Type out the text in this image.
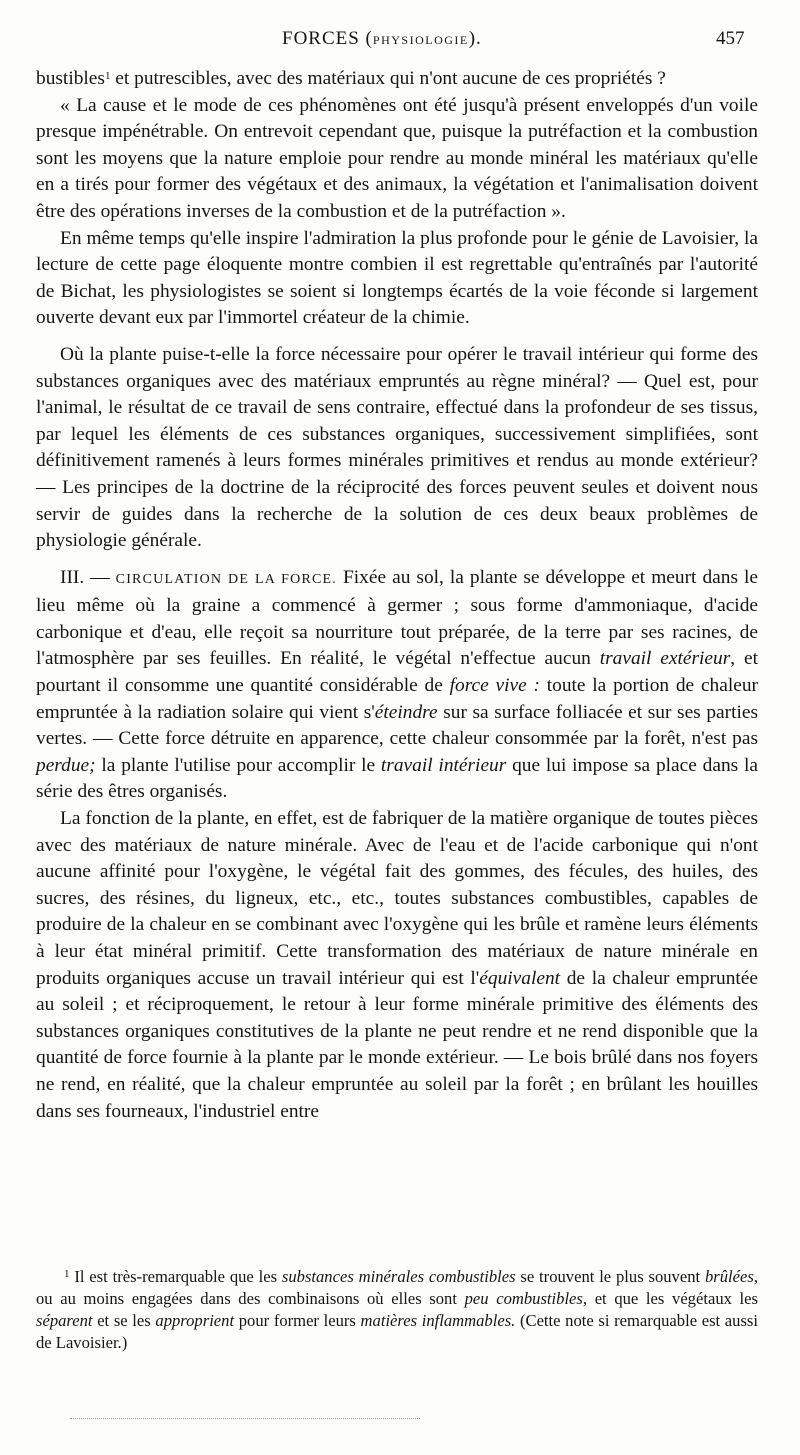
FORCES (PHYSIOLOGIE).	457

bustibles$^1$ et putrescibles, avec des matériaux qui n'ont aucune de ces propriétés ?

« La cause et le mode de ces phénomènes ont été jusqu'à présent enveloppés d'un voile presque impénétrable. On entrevoit cependant que, puisque la putréfaction et la combustion sont les moyens que la nature emploie pour rendre au monde minéral les matériaux qu'elle en a tirés pour former des végétaux et des animaux, la végétation et l'animalisation doivent être des opérations inverses de la combustion et de la putréfaction ».

En même temps qu'elle inspire l'admiration la plus profonde pour le génie de Lavoisier, la lecture de cette page éloquente montre combien il est regrettable qu'entraînés par l'autorité de Bichat, les physiologistes se soient si longtemps écartés de la voie féconde si largement ouverte devant eux par l'immortel créateur de la chimie.

Où la plante puise-t-elle la force nécessaire pour opérer le travail intérieur qui forme des substances organiques avec des matériaux empruntés au règne minéral? — Quel est, pour l'animal, le résultat de ce travail de sens contraire, effectué dans la profondeur de ses tissus, par lequel les éléments de ces substances organiques, successivement simplifiées, sont définitivement ramenés à leurs formes minérales primitives et rendus au monde extérieur? — Les principes de la doctrine de la réciprocité des forces peuvent seules et doivent nous servir de guides dans la recherche de la solution de ces deux beaux problèmes de physiologie générale.

III. — CIRCULATION DE LA FORCE. Fixée au sol, la plante se développe et meurt dans le lieu même où la graine a commencé à germer ; sous forme d'ammoniaque, d'acide carbonique et d'eau, elle reçoit sa nourriture tout préparée, de la terre par ses racines, de l'atmosphère par ses feuilles. En réalité, le végétal n'effectue aucun travail extérieur, et pourtant il consomme une quantité considérable de force vive : toute la portion de chaleur empruntée à la radiation solaire qui vient s'éteindre sur sa surface folliacée et sur ses parties vertes. — Cette force détruite en apparence, cette chaleur consommée par la forêt, n'est pas perdue; la plante l'utilise pour accomplir le travail intérieur que lui impose sa place dans la série des êtres organisés.

La fonction de la plante, en effet, est de fabriquer de la matière organique de toutes pièces avec des matériaux de nature minérale. Avec de l'eau et de l'acide carbonique qui n'ont aucune affinité pour l'oxygène, le végétal fait des gommes, des fécules, des huiles, des sucres, des résines, du ligneux, etc., etc., toutes substances combustibles, capables de produire de la chaleur en se combinant avec l'oxygène qui les brûle et ramène leurs éléments à leur état minéral primitif. Cette transformation des matériaux de nature minérale en produits organiques accuse un travail intérieur qui est l'équivalent de la chaleur empruntée au soleil ; et réciproquement, le retour à leur forme minérale primitive des éléments des substances organiques constitutives de la plante ne peut rendre et ne rend disponible que la quantité de force fournie à la plante par le monde extérieur. — Le bois brûlé dans nos foyers ne rend, en réalité, que la chaleur empruntée au soleil par la forêt ; en brûlant les houilles dans ses fourneaux, l'industriel entre

$^1$ Il est très-remarquable que les substances minérales combustibles se trouvent le plus souvent brûlées, ou au moins engagées dans des combinaisons où elles sont peu combustibles, et que les végétaux les séparent et se les approprient pour former leurs matières inflammables. (Cette note si remarquable est aussi de Lavoisier.)
